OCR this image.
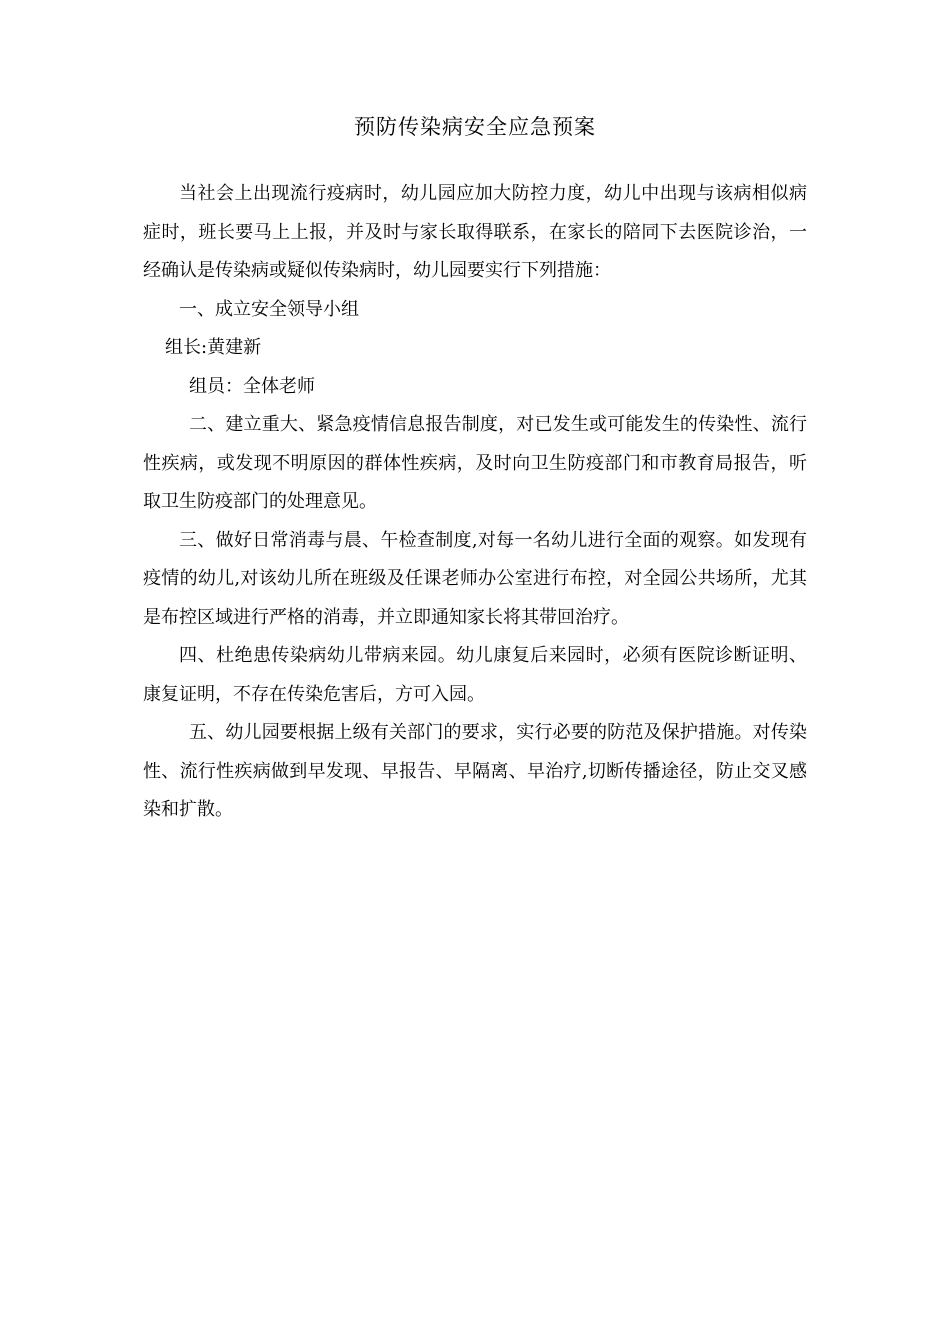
预防传染病安全应急预案

当社会上出现流行疫病时，幼儿园应加大防控力度，幼儿中出现与该病相似病症时，班长要马上上报，并及时与家长取得联系，在家长的陪同下去医院诊治，一经确认是传染病或疑似传染病时，幼儿园要实行下列措施：

一、成立安全领导小组

组长:黄建新

组员：全体老师

二、建立重大、紧急疫情信息报告制度，对已发生或可能发生的传染性、流行性疾病，或发现不明原因的群体性疾病，及时向卫生防疫部门和市教育局报告，听取卫生防疫部门的处理意见。

三、做好日常消毒与晨、午检查制度,对每一名幼儿进行全面的观察。如发现有疫情的幼儿,对该幼儿所在班级及任课老师办公室进行布控，对全园公共场所，尤其是布控区域进行严格的消毒，并立即通知家长将其带回治疗。

四、杜绝患传染病幼儿带病来园。幼儿康复后来园时，必须有医院诊断证明、康复证明，不存在传染危害后，方可入园。

五、幼儿园要根据上级有关部门的要求，实行必要的防范及保护措施。对传染性、流行性疾病做到早发现、早报告、早隔离、早治疗,切断传播途径，防止交叉感染和扩散。
